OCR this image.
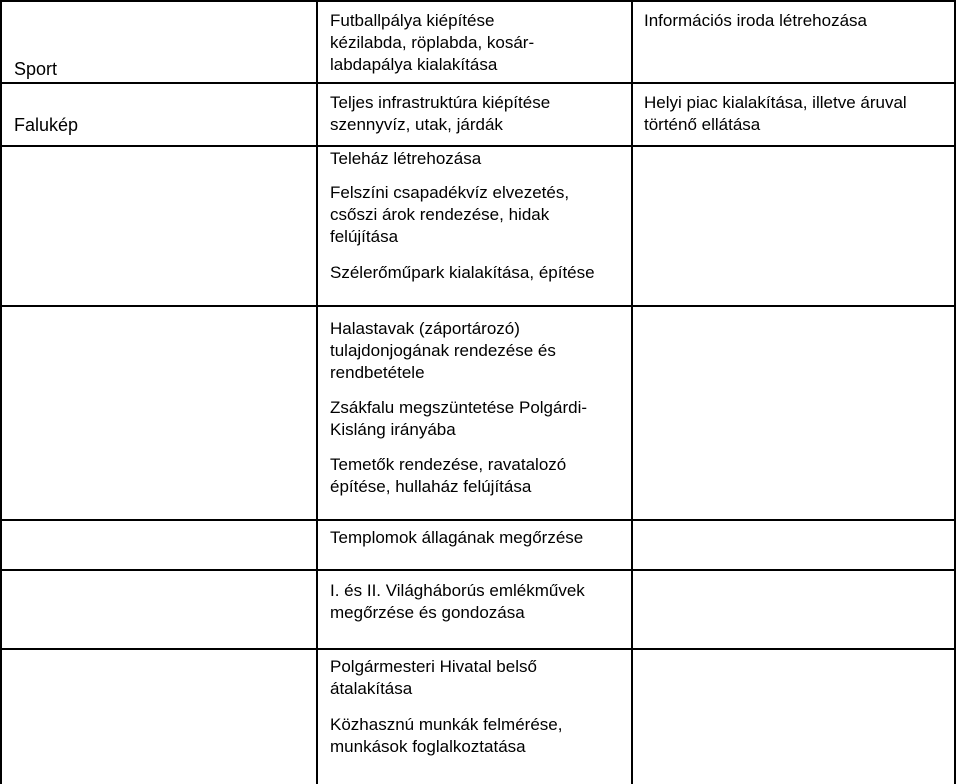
Sport
Falukép
Futballpálya kiépítése
kézilabda, röplabda, kosár-
labdapálya kialakítása
Teljes infrastruktúra kiépítése
szennyvíz, utak, járdák
Teleház létrehozása
Felszíni csapadékvíz elvezetés,
csőszi árok rendezése, hidak
felújítása
Szélerőműpark kialakítása, építése
Halastavak (záportározó)
tulajdonjogának rendezése és
rendbetétele
Zsákfalu megszüntetése Polgárdi-
Kisláng irányába
Temetők rendezése, ravatalozó
építése, hullaház felújítása
Templomok állagának megőrzése
I. és II. Világháborús emlékművek
megőrzése és gondozása
Polgármesteri Hivatal belső
átalakítása
Közhasznú munkák felmérése,
munkások foglalkoztatása
Információs iroda létrehozása
Helyi piac kialakítása, illetve áruval
történő ellátása
